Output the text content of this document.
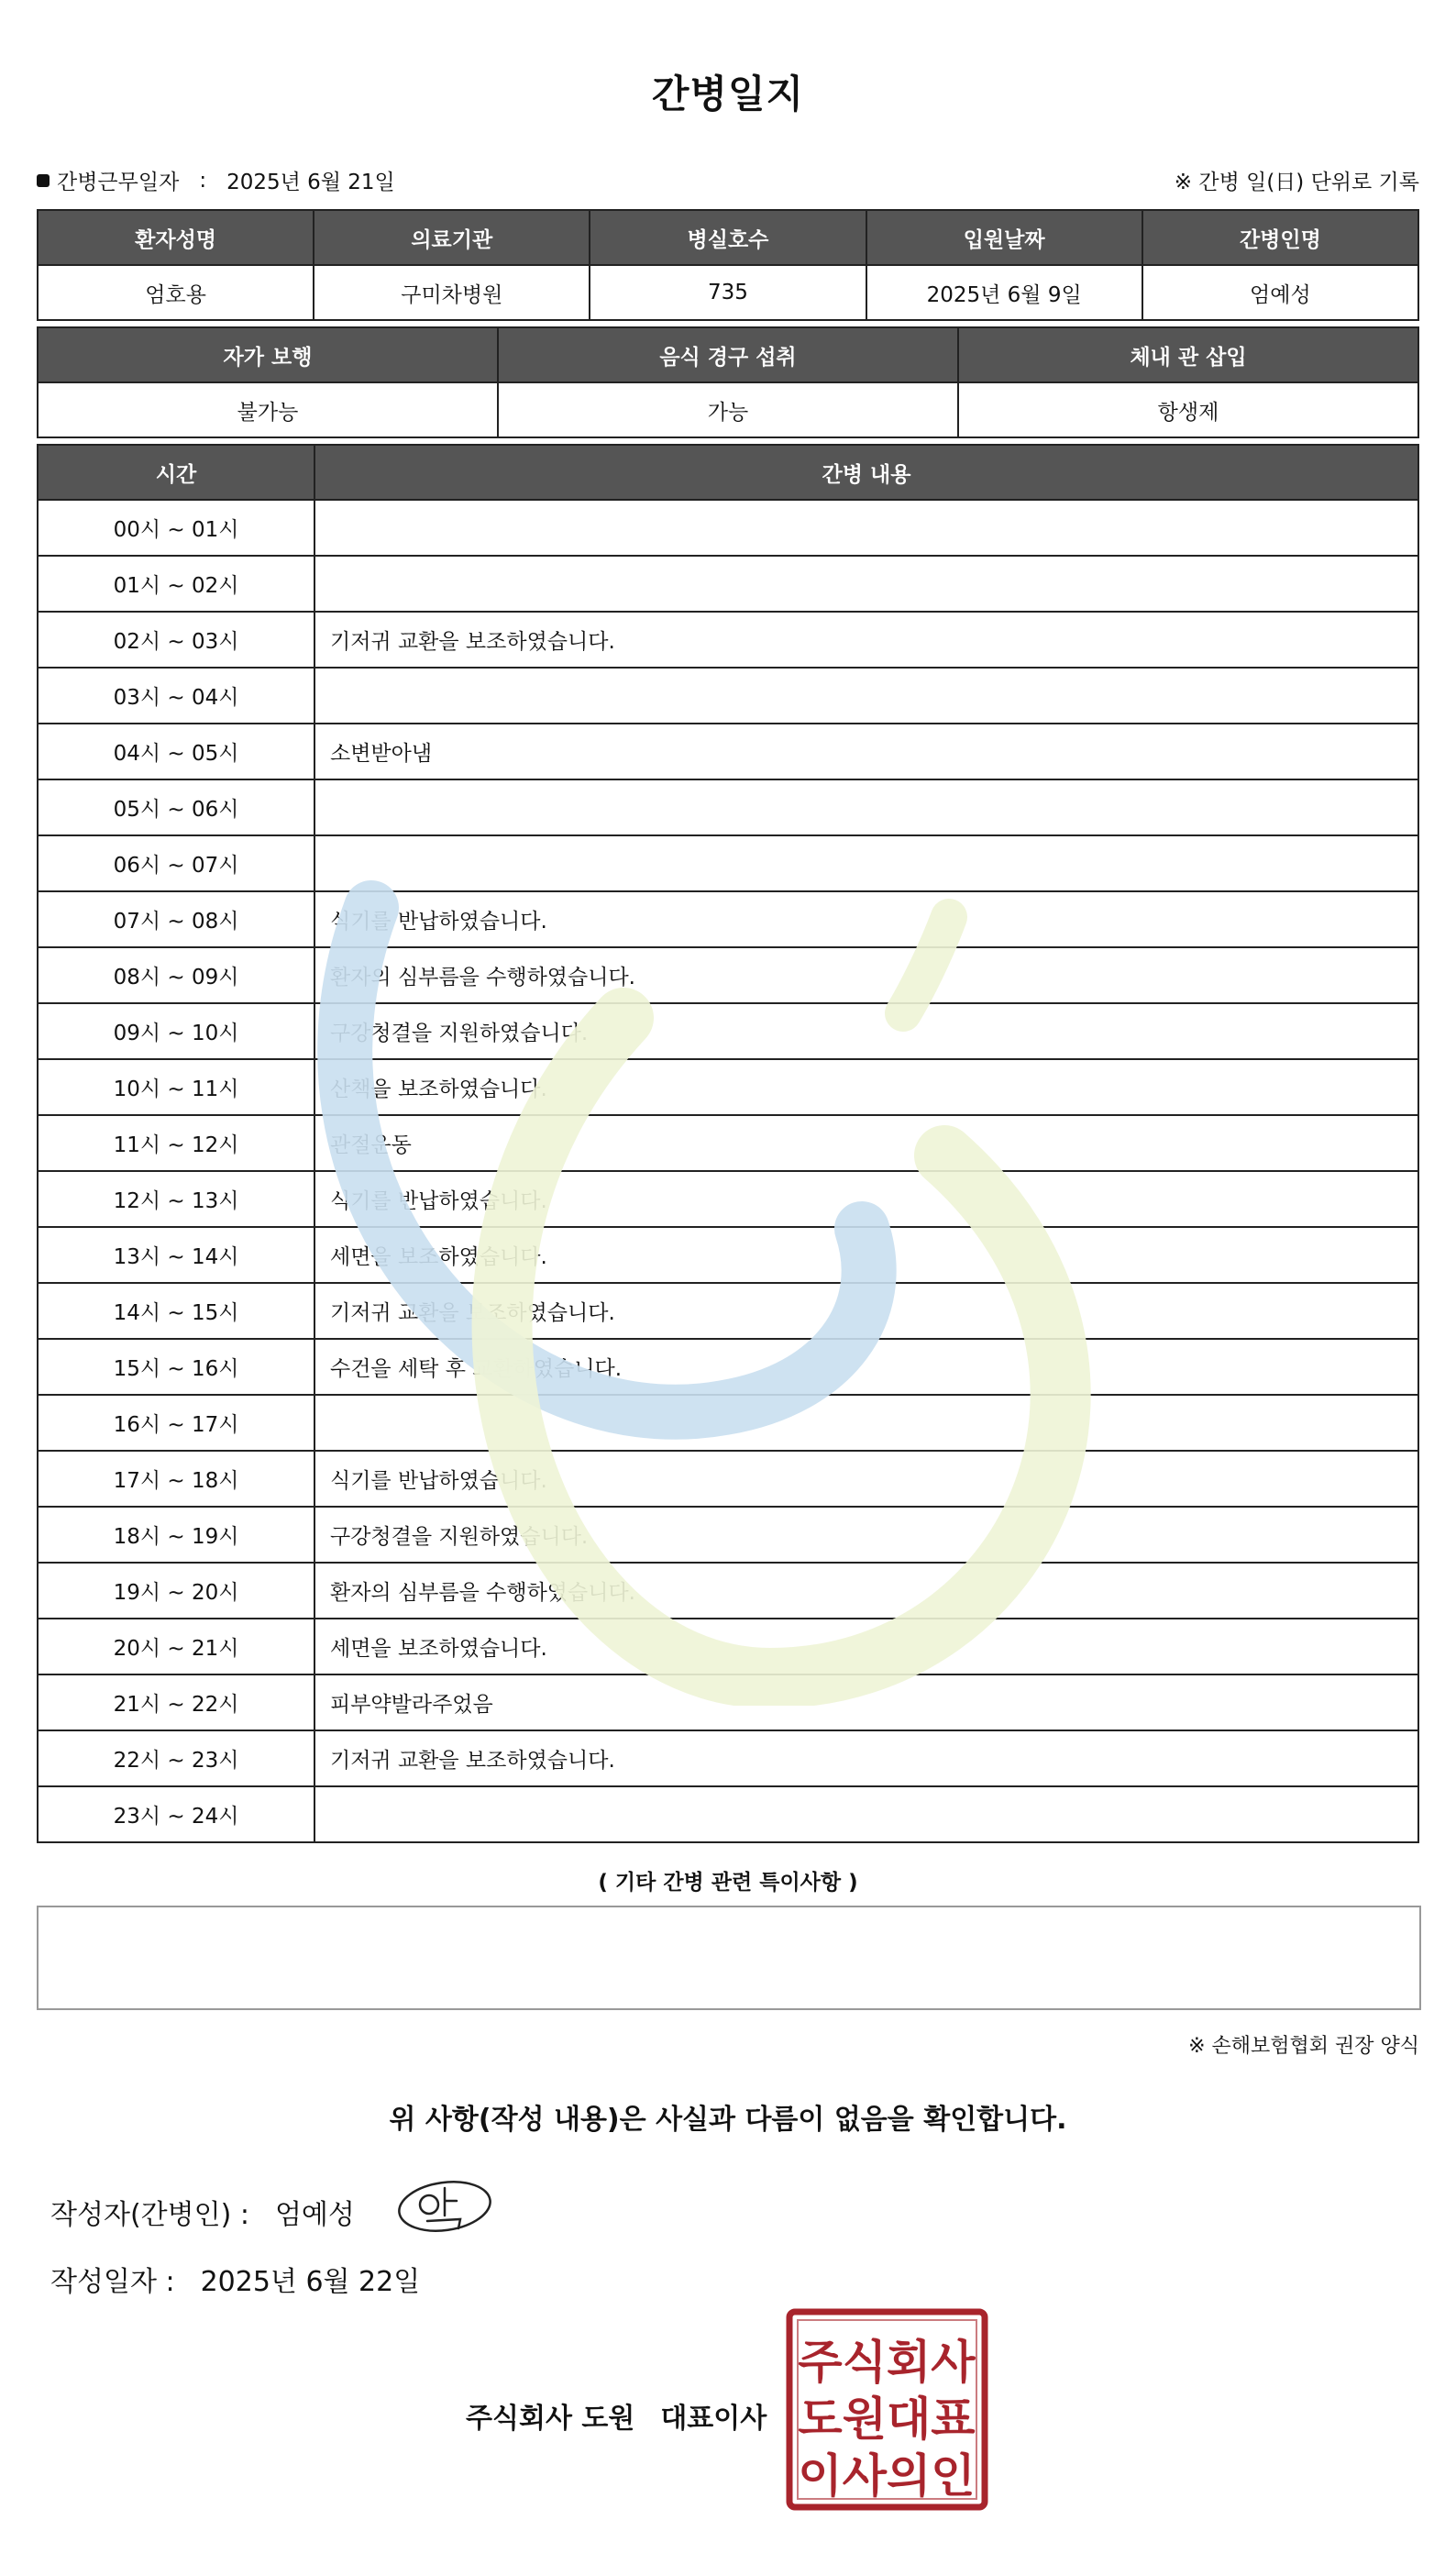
간병일지
간병근무일자 : 2025년 6월 21일	※ 간병 일(日) 단위로 기록
환자성명	의료기관	병실호수	입원날짜	간병인명
엄호용	구미차병원	735	2025년 6월 9일	엄예성
자가 보행	음식 경구 섭취	체내 관 삽입
불가능	가능	항생제
시간	간병 내용
00시 ~ 01시	
01시 ~ 02시	
02시 ~ 03시	기저귀 교환을 보조하였습니다.
03시 ~ 04시	
04시 ~ 05시	소변받아냄
05시 ~ 06시	
06시 ~ 07시	
07시 ~ 08시	식기를 반납하였습니다.
08시 ~ 09시	환자의 심부름을 수행하였습니다.
09시 ~ 10시	구강청결을 지원하였습니다.
10시 ~ 11시	산책을 보조하였습니다.
11시 ~ 12시	관절운동
12시 ~ 13시	식기를 반납하였습니다.
13시 ~ 14시	세면을 보조하였습니다.
14시 ~ 15시	기저귀 교환을 보조하였습니다.
15시 ~ 16시	수건을 세탁 후 교환하였습니다.
16시 ~ 17시	
17시 ~ 18시	식기를 반납하였습니다.
18시 ~ 19시	구강청결을 지원하였습니다.
19시 ~ 20시	환자의 심부름을 수행하였습니다.
20시 ~ 21시	세면을 보조하였습니다.
21시 ~ 22시	피부약발라주었음
22시 ~ 23시	기저귀 교환을 보조하였습니다.
23시 ~ 24시	
( 기타 간병 관련 특이사항 )
※ 손해보험협회 권장 양식
위 사항(작성 내용)은 사실과 다름이 없음을 확인합니다.
작성자(간병인) : 엄예성
작성일자 : 2025년 6월 22일
주식회사 도원 대표이사
주식회사
도원대표
이사의인
